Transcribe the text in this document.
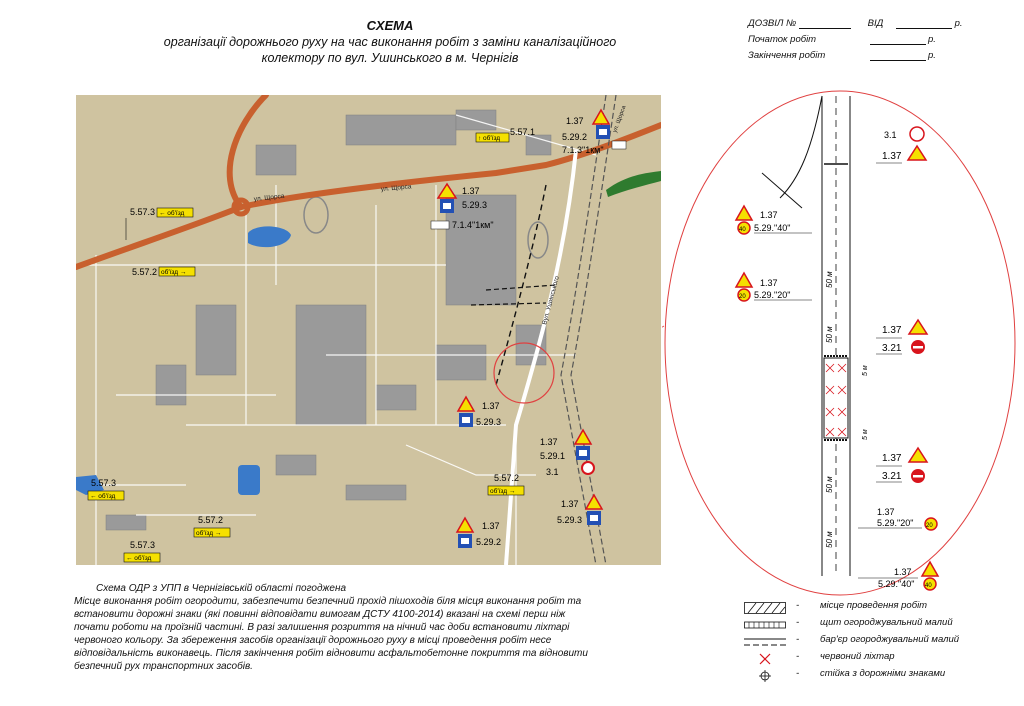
СХЕМА
організації дорожнього руху на час виконання робіт з заміни каналізаційного
колектору по вул. Ушинського в м. Чернігів
ДОЗВІЛ №	ВІД	р.
Початок робіт	р.
Закінчення робіт	р.
ул. Щорса
ул. Щорса
ул. Щорса
Вул. Ушинського
5.57.3 ← об'їзд
5.57.2 об'їзд →
↑ об'їзд
5.57.1
1.37
5.29.2
7.1.3"1км"
1.37
5.29.3
7.1.4"1км"
1.37
5.29.3
1.37
5.29.1
3.1
5.57.2
об'їзд →
1.37
5.29.3
1.37
5.29.2
5.57.3
← об'їзд
5.57.2
об'їзд →
5.57.3
← об'їзд
3.1
1.37
1.37
40 5.29."40"
1.37
20 5.29."20"
1.37
3.21
1.37
3.21
1.37
5.29."20" 20
1.37
5.29."40" 40
50 м
50 м
5 м
5 м
50 м
50 м
Схема ОДР з УПП в Чернігівській області погоджена
Місце виконання робіт огородити, забезпечити безпечний прохід пішоходів біля місця виконання робіт та
встановити дорожні знаки (які повинні відповідати вимогам ДСТУ 4100-2014) вказані на схемі перш ніж
почати роботи на проїзній частині. В разі залишення розриття на нічний час доби встановити ліхтарі
червоного кольору. За збереження засобів організації дорожнього руху в місці проведення робіт несе
відповідальність виконавець. Після закінчення робіт відновити асфальтобетонне покриття та відновити
безпечний рух транспортних засобів.
- місце проведення робіт
- щит огороджувальний малий
- бар'єр огороджувальний малий
- червоний ліхтар
- стійка з дорожніми знаками
